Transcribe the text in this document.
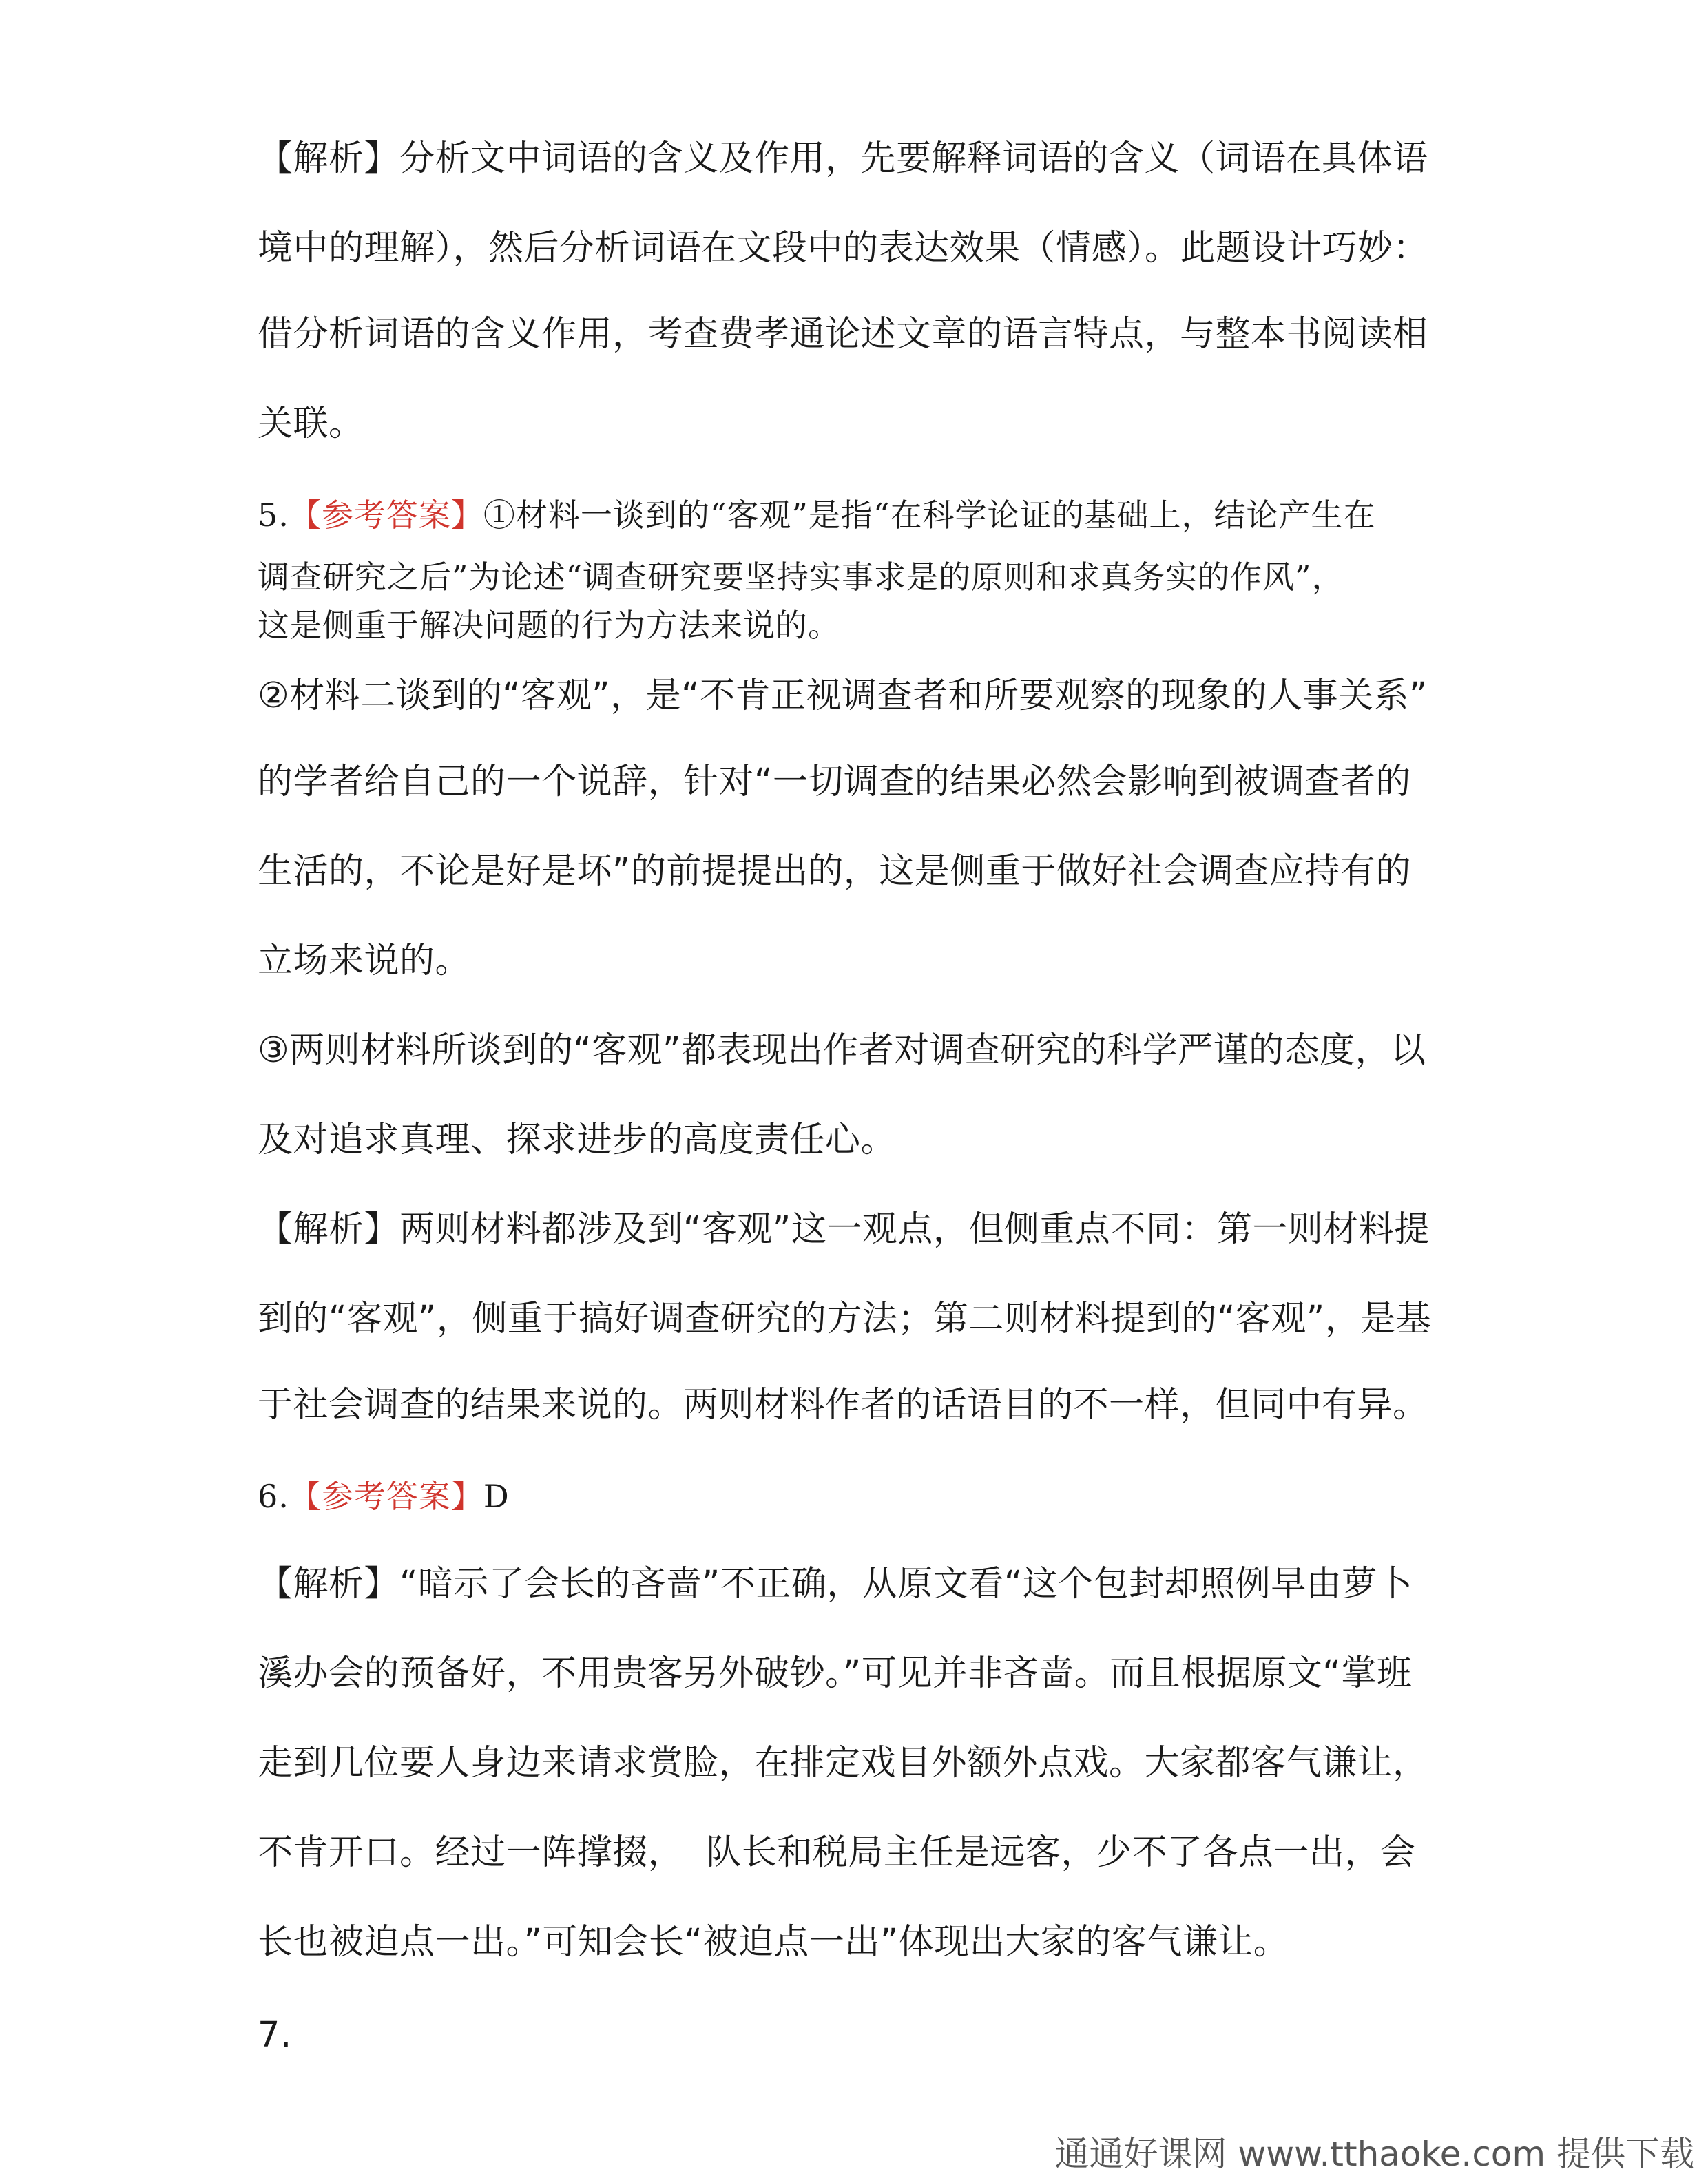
【解析】分析文中词语的含义及作用，先要解释词语的含义（词语在具体语
境中的理解），然后分析词语在文段中的表达效果（情感）。此题设计巧妙：
借分析词语的含义作用，考查费孝通论述文章的语言特点，与整本书阅读相
关联。
5.【参考答案】①材料一谈到的“客观”是指“在科学论证的基础上，结论产生在
调查研究之后”为论述“调查研究要坚持实事求是的原则和求真务实的作风”，
这是侧重于解决问题的行为方法来说的。
②材料二谈到的“客观”，是“不肯正视调查者和所要观察的现象的人事关系”
的学者给自己的一个说辞，针对“一切调查的结果必然会影响到被调查者的
生活的，不论是好是坏”的前提提出的，这是侧重于做好社会调查应持有的
立场来说的。
③两则材料所谈到的“客观”都表现出作者对调查研究的科学严谨的态度，以
及对追求真理、探求进步的高度责任心。
【解析】两则材料都涉及到“客观”这一观点，但侧重点不同：第一则材料提
到的“客观”，侧重于搞好调查研究的方法；第二则材料提到的“客观”，是基
于社会调查的结果来说的。两则材料作者的话语目的不一样，但同中有异。
6.【参考答案】D
【解析】“暗示了会长的吝啬”不正确，从原文看“这个包封却照例早由萝卜
溪办会的预备好，不用贵客另外破钞。”可见并非吝啬。而且根据原文“掌班
走到几位要人身边来请求赏脸，在排定戏目外额外点戏。大家都客气谦让，
不肯开口。经过一阵撑掇，  队长和税局主任是远客，少不了各点一出，会
长也被迫点一出。”可知会长“被迫点一出”体现出大家的客气谦让。
7.
通通好课网 www.tthaoke.com 提供下载
